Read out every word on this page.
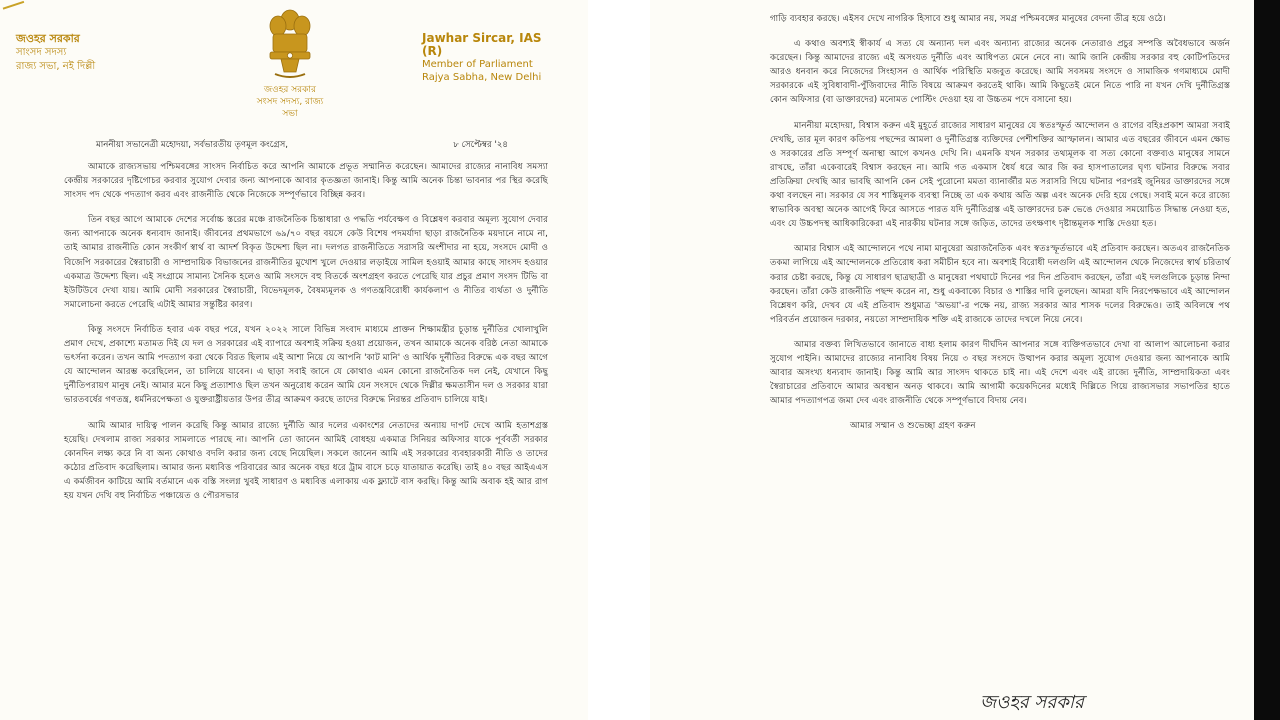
জওহর সরকার
সাংসদ সদস্য
রাজ্য সভা, নই দিল্লী
জওহর সরকার
সংসদ সদস্য, রাজ্য সভা
Jawhar Sircar, IAS (R)
Member of Parliament
Rajya Sabha, New Delhi
মাননীয়া সভানেত্রী মহোদয়া, সর্বভারতীয় তৃণমূল কংগ্রেস,	৮ সেপ্টেম্বর '২৪

আমাকে রাজ্যসভায় পশ্চিমবঙ্গের সাংসদ নির্বাচিত করে আপনি আমাকে প্রভূত সম্মানিত করেছেন। আমাদের রাজ্যের নানাবিধ সমস্যা কেন্দ্রীয় সরকারের দৃষ্টিগোচর করবার সুযোগ দেবার জন্য আপনাকে আবার কৃতজ্ঞতা জানাই। কিন্তু আমি অনেক চিন্তা ভাবনার পর স্থির করেছি সাংসদ পদ থেকে পদত্যাগ করব এবং রাজনীতি থেকে নিজেকে সম্পূর্ণভাবে বিচ্ছিন্ন করব।

তিন বছর আগে আমাকে দেশের সর্বোচ্চ স্তরের মঞ্চে রাজনৈতিক চিন্তাধারা ও পদ্ধতি পর্যবেক্ষণ ও বিশ্লেষণ করবার অমূল্য সুযোগ দেবার জন্য আপনাকে অনেক ধন্যবাদ জানাই। জীবনের প্রথমভাগে ৬৯/৭০ বছর বয়সে কেউ বিশেষ পদমর্যাদা ছাড়া রাজনৈতিক ময়দানে নামে না, তাই আমার রাজনীতি কোন সংকীর্ণ স্বার্থ বা আদর্শ বিকৃত উদ্দেশ্য ছিল না। দলগত রাজনীতিতে সরাসরি অংশীদার না হয়ে, সংসদে মোদী ও বিজেপি সরকারের স্বৈরাচারী ও সাম্প্রদায়িক বিভাজনের রাজনীতির মুখোশ খুলে দেওয়ার লড়াইয়ে সামিল হওয়াই আমার কাছে সাংসদ হওয়ার একমাত্র উদ্দেশ্য ছিল। এই সংগ্রামে সামান্য সৈনিক হলেও আমি সংসদে বহু বিতর্কে অংশগ্রহণ করতে পেরেছি যার প্রচুর প্রমাণ সংসদ টিভি বা ইউটিউবে দেখা যায়। আমি মোদী সরকারের স্বৈরাচারী, বিভেদমূলক, বৈষম্যমূলক ও গণতন্ত্রবিরোধী কার্যকলাপ ও নীতির ব্যর্থতা ও দুর্নীতি সমালোচনা করতে পেরেছি এটাই আমার সন্তুষ্টির কারণ।

কিন্তু সংসদে নির্বাচিত হবার এক বছর পরে, যখন ২০২২ সালে বিভিন্ন সংবাদ মাধ্যমে প্রাক্তন শিক্ষামন্ত্রীর চূড়ান্ত দুর্নীতির খোলাখুলি প্রমাণ দেখে, প্রকাশ্যে মতামত দিই যে দল ও সরকারের এই ব্যাপারে অবশ্যই সক্রিয় হওয়া প্রয়োজন, তখন আমাকে অনেক বরিষ্ঠ নেতা আমাকে ভৎর্সনা করেন। তখন আমি পদত্যাগ করা থেকে বিরত ছিলাম এই আশা নিয়ে যে আপনি 'কাট মানি' ও আর্থিক দুর্নীতির বিরুদ্ধে এক বছর আগে যে আন্দোলন আরম্ভ করেছিলেন, তা চালিয়ে যাবেন। এ ছাড়া সবাই জানে যে কোথাও এমন কোনো রাজনৈতিক দল নেই, যেখানে কিছু দুর্নীতিপরায়ণ মানুষ নেই। আমার মনে কিছু প্রত্যাশাও ছিল তখন অনুরোধ করেন আমি যেন সংসদে থেকে দিল্লীর ক্ষমতাসীন দল ও সরকার যারা ভারতবর্ষের গণতন্ত্র, ধর্মনিরপেক্ষতা ও যুক্তরাষ্ট্রীয়তার উপর তীব্র আক্রমণ করছে তাদের বিরুদ্ধে নিরন্তর প্রতিবাদ চালিয়ে যাই।

আমি আমার দায়িত্ব পালন করেছি কিন্তু আমার রাজ্যে দুর্নীতি আর দলের একাংশের নেতাদের অন্যায় দাপট দেখে আমি হতাশগ্রস্ত হয়েছি। দেখলাম রাজ্য সরকার সামলাতে পারছে না। আপনি তো জানেন আমিই বোধহয় একমাত্র সিনিয়র অফিসার যাকে পূর্ববর্তী সরকার কোনদিন লক্ষ্য করে নি বা অন্য কোথাও বদলি করার জন্য বেছে নিয়েছিল। সকলে জানেন আমি এই সরকারের ব্যবহারকারী নীতি ও তাদের কঠোর প্রতিবাদ করেছিলাম। আমার জন্য মধ্যবিত্ত পরিবারের আর অনেক বছর ধরে ট্রাম বাসে চড়ে যাতায়াত করেছি। তাই ৪০ বছর আইএএস এ কর্মজীবন কাটিয়ে আমি বর্তমানে এক বস্তি সংলগ্ন খুবই সাধারণ ও মধ্যবিত্ত এলাকায় এক ফ্ল্যাটে বাস করছি। কিন্তু আমি অবাক হই আর রাগ হয় যখন দেখি বহু নির্বাচিত পঞ্চায়েত ও পৌরসভার

গাড়ি ব্যবহার করছে। এইসব দেখে নাগরিক হিসাবে শুধু আমার নয়, সমগ্র পশ্চিমবঙ্গের মানুষের বেদনা তীব্র হয়ে ওঠে।

এ কথাও অবশ্যই স্বীকার্য এ সত্য যে অন্যান্য দল এবং অন্যান্য রাজ্যের অনেক নেতারাও প্রচুর সম্পত্তি অবৈধভাবে অর্জন করেছেন। কিন্তু আমাদের রাজ্যে এই অসংযত দুর্নীতি এবং আধিপত্য মেনে নেবে না। আমি জানি কেন্দ্রীয় সরকার বহু কোটিপতিদের আরও ধনবান করে নিজেদের সিংহাসন ও আর্থিক পরিস্থিতি মজবুত করেছে। আমি সবসময় সংসদে ও সামাজিক গণমাধ্যমে মোদী সরকারকে এই সুবিধাবাদী-পুঁজিবাদের নীতি বিষয়ে আক্রমণ করতেই থাকি। আমি কিছুতেই মেনে নিতে পারি না যখন দেখি দুর্নীতিগ্রস্ত কোন অফিসার (বা ডাক্তারদের) মনোমত পোস্টিং দেওয়া হয় বা উচ্চতম পদে বসানো হয়।

মাননীয়া মহোদয়া, বিশ্বাস করুন এই মুহূর্তে রাজ্যের সাধারণ মানুষের যে স্বতঃস্ফূর্ত আন্দোলন ও রাগের বহিঃপ্রকাশ আমরা সবাই দেখছি, তার মূল কারণ কতিপয় পছন্দের আমলা ও দুর্নীতিগ্রস্ত ব্যক্তিদের পেশীশক্তির আস্ফালন। আমার এত বছরের জীবনে এমন ক্ষোভ ও সরকারের প্রতি সম্পূর্ণ অনাস্থা আগে কখনও দেখি নি। এমনকি যখন সরকার তথ্যমূলক বা সত্য কোনো বক্তব্যও মানুষের সামনে রাখছে, তাঁরা একেবারেই বিশ্বাস করছেন না। আমি গত একমাস ধৈর্য ধরে আর জি কর হাসপাতালের ঘৃণ্য ঘটনার বিরুদ্ধে সবার প্রতিক্রিয়া দেখছি আর ভাবছি আপনি কেন সেই পুরোনো মমতা ব্যানার্জীর মত সরাসরি গিয়ে ঘটনার পরপরই জুনিয়র ডাক্তারদের সঙ্গে কথা বলছেন না। সরকার যে সব শাস্তিমূলক ব্যবস্থা নিচ্ছে তা এক কথায় অতি অল্প এবং অনেক দেরি হয়ে গেছে। সবাই মনে করে রাজ্যে স্বাভাবিক অবস্থা অনেক আগেই ফিরে আসতে পারত যদি দুর্নীতিগ্রস্ত এই ডাক্তারদের চক্র ভেঙে দেওয়ার সময়োচিত সিদ্ধান্ত নেওয়া হত, এবং যে উচ্চপদস্থ আধিকারিকেরা এই নারকীয় ঘটনার সঙ্গে জড়িত, তাদের তৎক্ষণাৎ দৃষ্টান্তমূলক শাস্তি দেওয়া হত।

আমার বিশ্বাস এই আন্দোলনে পথে নামা মানুষেরা অরাজনৈতিক এবং স্বতঃস্ফূর্তভাবে এই প্রতিবাদ করছেন। অতএব রাজনৈতিক তকমা লাগিয়ে এই আন্দোলনকে প্রতিরোধ করা সমীচীন হবে না। অবশ্যই বিরোধী দলগুলি এই আন্দোলন থেকে নিজেদের স্বার্থ চরিতার্থ করার চেষ্টা করছে, কিন্তু যে সাধারণ ছাত্রছাত্রী ও মানুষেরা পথঘাটে দিনের পর দিন প্রতিবাদ করছেন, তাঁরা এই দলগুলিকে চূড়ান্ত নিন্দা করছেন। তাঁরা কেউ রাজনীতি পছন্দ করেন না, শুধু একবাক্যে বিচার ও শাস্তির দাবি তুলছেন। আমরা যদি নিরপেক্ষভাবে এই আন্দোলন বিশ্লেষণ করি, দেখব যে এই প্রতিবাদ শুধুমাত্র 'অভয়া'-র পক্ষে নয়, রাজ্য সরকার আর শাসক দলের বিরুদ্ধেও। তাই অবিলম্বে পথ পরিবর্তন প্রয়োজন দরকার, নয়তো সাম্প্রদায়িক শক্তি এই রাজ্যকে তাদের দখলে নিয়ে নেবে।

আমার বক্তব্য লিখিতভাবে জানাতে বাধ্য হলাম কারণ দীর্ঘদিন আপনার সঙ্গে ব্যক্তিগতভাবে দেখা বা আলাপ আলোচনা করার সুযোগ পাইনি। আমাদের রাজ্যের নানাবিধ বিষয় নিয়ে ৩ বছর সংসদে উত্থাপন করার অমূল্য সুযোগ দেওয়ার জন্য আপনাকে আমি আবার অসংখ্য ধন্যবাদ জানাই। কিন্তু আমি আর সাংসদ থাকতে চাই না। এই দেশে এবং এই রাজ্যে দুর্নীতি, সাম্প্রদায়িকতা এবং স্বৈরাচারের প্রতিবাদে আমার অবস্থান অনড় থাকবে। আমি আগামী কয়েকদিনের মধ্যেই দিল্লিতে গিয়ে রাজ্যসভার সভাপতির হাতে আমার পদত্যাগপত্র জমা দেব এবং রাজনীতি থেকে সম্পূর্ণভাবে বিদায় নেব।

আমার সম্মান ও শুভেচ্ছা গ্রহণ করুন

জওহর সরকার
